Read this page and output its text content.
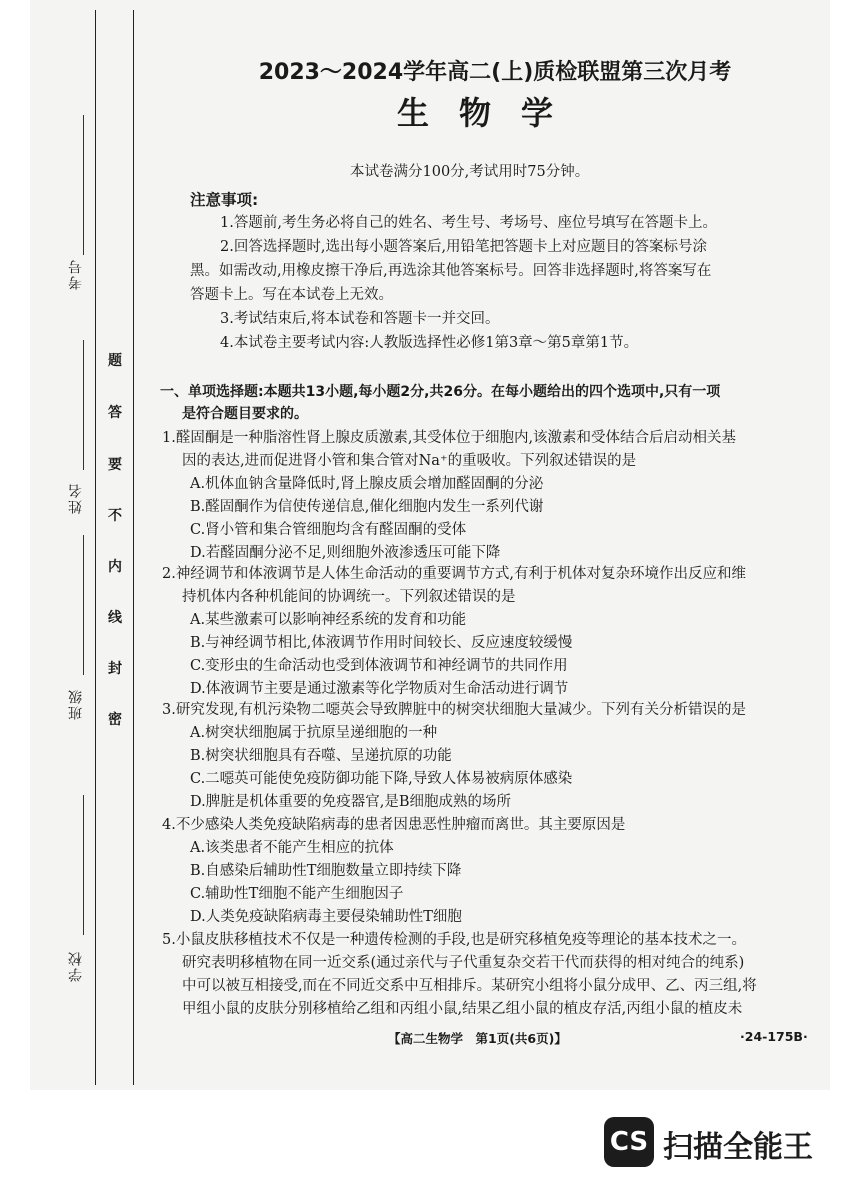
考号
姓名
班级
学校
题
答
要
不
内
线
封
密
2023～2024学年高二(上)质检联盟第三次月考
生物学
本试卷满分100分,考试用时75分钟。
注意事项:
1.答题前,考生务必将自己的姓名、考生号、考场号、座位号填写在答题卡上。
2.回答选择题时,选出每小题答案后,用铅笔把答题卡上对应题目的答案标号涂
黑。如需改动,用橡皮擦干净后,再选涂其他答案标号。回答非选择题时,将答案写在
答题卡上。写在本试卷上无效。
3.考试结束后,将本试卷和答题卡一并交回。
4.本试卷主要考试内容:人教版选择性必修1第3章～第5章第1节。
一、单项选择题:本题共13小题,每小题2分,共26分。在每小题给出的四个选项中,只有一项
是符合题目要求的。
1.醛固酮是一种脂溶性肾上腺皮质激素,其受体位于细胞内,该激素和受体结合后启动相关基
因的表达,进而促进肾小管和集合管对Na⁺的重吸收。下列叙述错误的是
A.机体血钠含量降低时,肾上腺皮质会增加醛固酮的分泌
B.醛固酮作为信使传递信息,催化细胞内发生一系列代谢
C.肾小管和集合管细胞均含有醛固酮的受体
D.若醛固酮分泌不足,则细胞外液渗透压可能下降
2.神经调节和体液调节是人体生命活动的重要调节方式,有利于机体对复杂环境作出反应和维
持机体内各种机能间的协调统一。下列叙述错误的是
A.某些激素可以影响神经系统的发育和功能
B.与神经调节相比,体液调节作用时间较长、反应速度较缓慢
C.变形虫的生命活动也受到体液调节和神经调节的共同作用
D.体液调节主要是通过激素等化学物质对生命活动进行调节
3.研究发现,有机污染物二噁英会导致脾脏中的树突状细胞大量减少。下列有关分析错误的是
A.树突状细胞属于抗原呈递细胞的一种
B.树突状细胞具有吞噬、呈递抗原的功能
C.二噁英可能使免疫防御功能下降,导致人体易被病原体感染
D.脾脏是机体重要的免疫器官,是B细胞成熟的场所
4.不少感染人类免疫缺陷病毒的患者因患恶性肿瘤而离世。其主要原因是
A.该类患者不能产生相应的抗体
B.自感染后辅助性T细胞数量立即持续下降
C.辅助性T细胞不能产生细胞因子
D.人类免疫缺陷病毒主要侵染辅助性T细胞
5.小鼠皮肤移植技术不仅是一种遗传检测的手段,也是研究移植免疫等理论的基本技术之一。
研究表明移植物在同一近交系(通过亲代与子代重复杂交若干代而获得的相对纯合的纯系)
中可以被互相接受,而在不同近交系中互相排斥。某研究小组将小鼠分成甲、乙、丙三组,将
甲组小鼠的皮肤分别移植给乙组和丙组小鼠,结果乙组小鼠的植皮存活,丙组小鼠的植皮未
【高二生物学　第1页(共6页)】	·24-175B·
CS 扫描全能王
